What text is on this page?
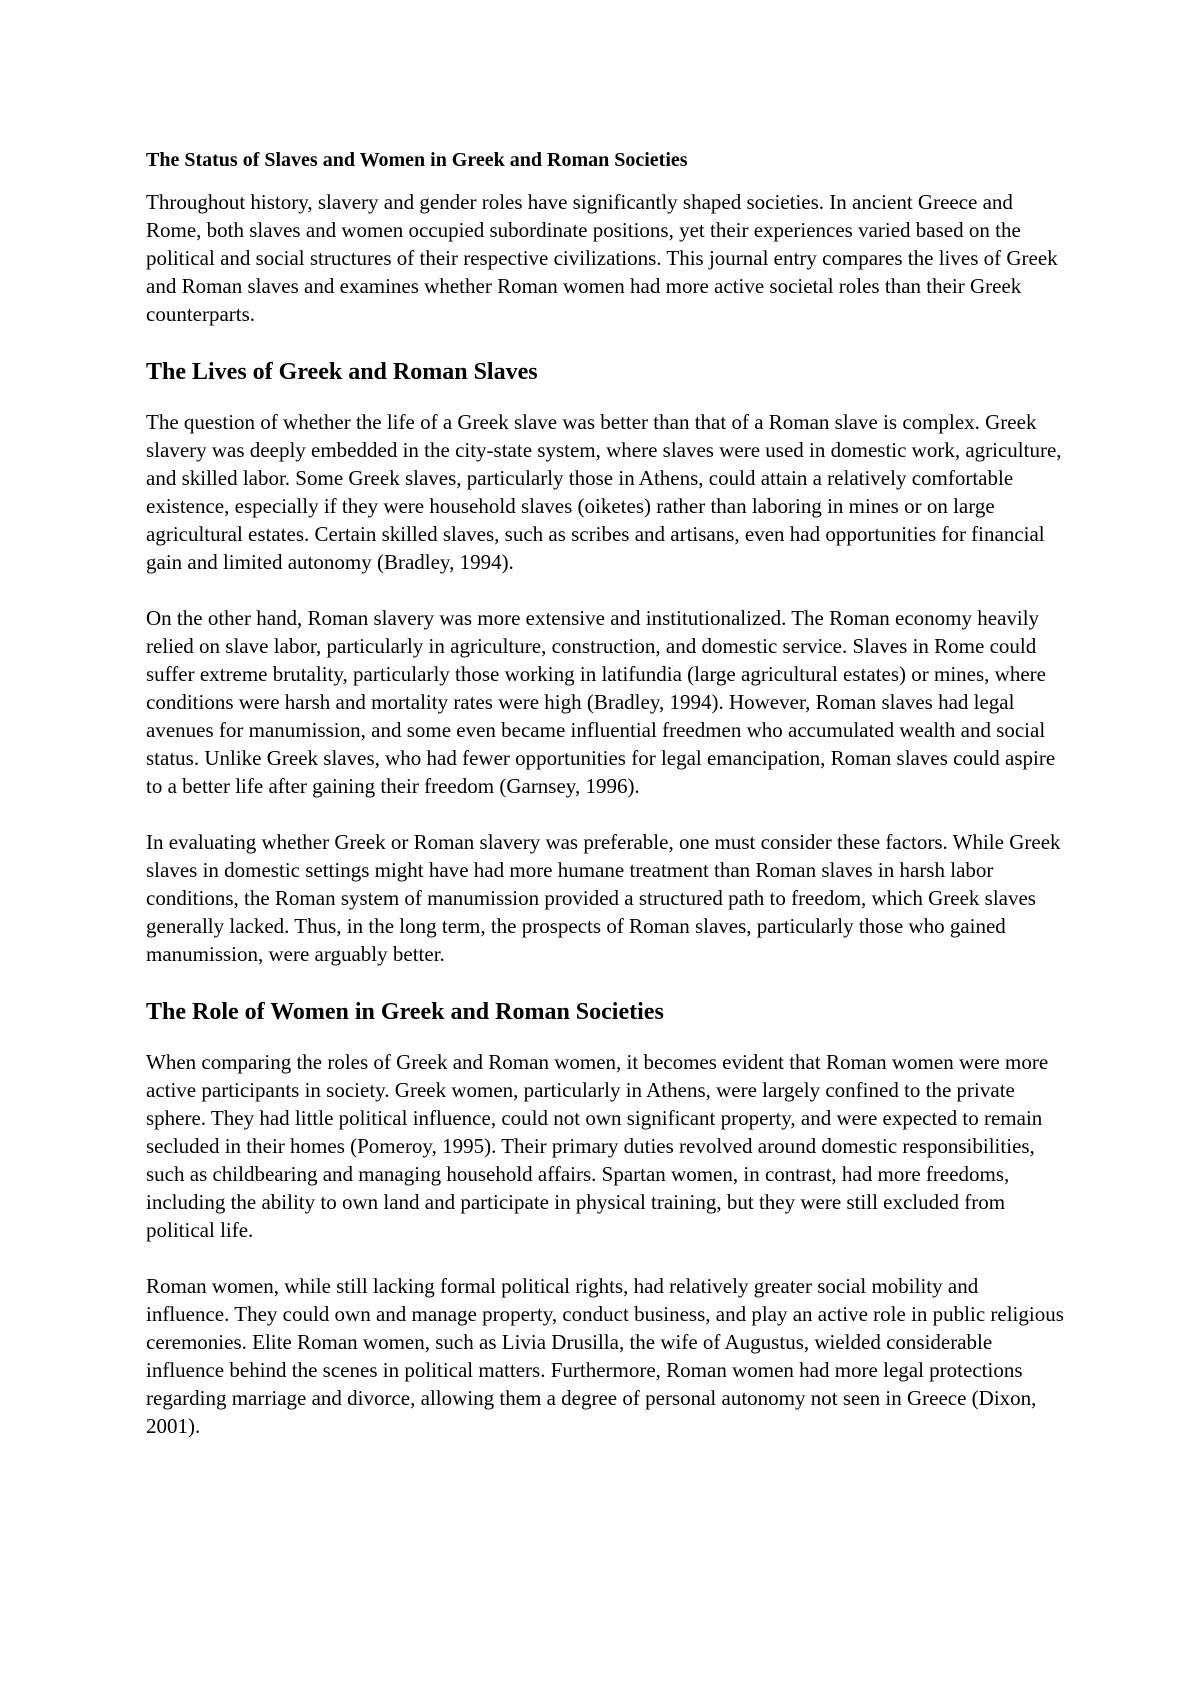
The Status of Slaves and Women in Greek and Roman Societies

Throughout history, slavery and gender roles have significantly shaped societies. In ancient Greece and Rome, both slaves and women occupied subordinate positions, yet their experiences varied based on the political and social structures of their respective civilizations. This journal entry compares the lives of Greek and Roman slaves and examines whether Roman women had more active societal roles than their Greek counterparts.

The Lives of Greek and Roman Slaves

The question of whether the life of a Greek slave was better than that of a Roman slave is complex. Greek slavery was deeply embedded in the city-state system, where slaves were used in domestic work, agriculture, and skilled labor. Some Greek slaves, particularly those in Athens, could attain a relatively comfortable existence, especially if they were household slaves (oiketes) rather than laboring in mines or on large agricultural estates. Certain skilled slaves, such as scribes and artisans, even had opportunities for financial gain and limited autonomy (Bradley, 1994).

On the other hand, Roman slavery was more extensive and institutionalized. The Roman economy heavily relied on slave labor, particularly in agriculture, construction, and domestic service. Slaves in Rome could suffer extreme brutality, particularly those working in latifundia (large agricultural estates) or mines, where conditions were harsh and mortality rates were high (Bradley, 1994). However, Roman slaves had legal avenues for manumission, and some even became influential freedmen who accumulated wealth and social status. Unlike Greek slaves, who had fewer opportunities for legal emancipation, Roman slaves could aspire to a better life after gaining their freedom (Garnsey, 1996).

In evaluating whether Greek or Roman slavery was preferable, one must consider these factors. While Greek slaves in domestic settings might have had more humane treatment than Roman slaves in harsh labor conditions, the Roman system of manumission provided a structured path to freedom, which Greek slaves generally lacked. Thus, in the long term, the prospects of Roman slaves, particularly those who gained manumission, were arguably better.

The Role of Women in Greek and Roman Societies

When comparing the roles of Greek and Roman women, it becomes evident that Roman women were more active participants in society. Greek women, particularly in Athens, were largely confined to the private sphere. They had little political influence, could not own significant property, and were expected to remain secluded in their homes (Pomeroy, 1995). Their primary duties revolved around domestic responsibilities, such as childbearing and managing household affairs. Spartan women, in contrast, had more freedoms, including the ability to own land and participate in physical training, but they were still excluded from political life.

Roman women, while still lacking formal political rights, had relatively greater social mobility and influence. They could own and manage property, conduct business, and play an active role in public religious ceremonies. Elite Roman women, such as Livia Drusilla, the wife of Augustus, wielded considerable influence behind the scenes in political matters. Furthermore, Roman women had more legal protections regarding marriage and divorce, allowing them a degree of personal autonomy not seen in Greece (Dixon, 2001).
